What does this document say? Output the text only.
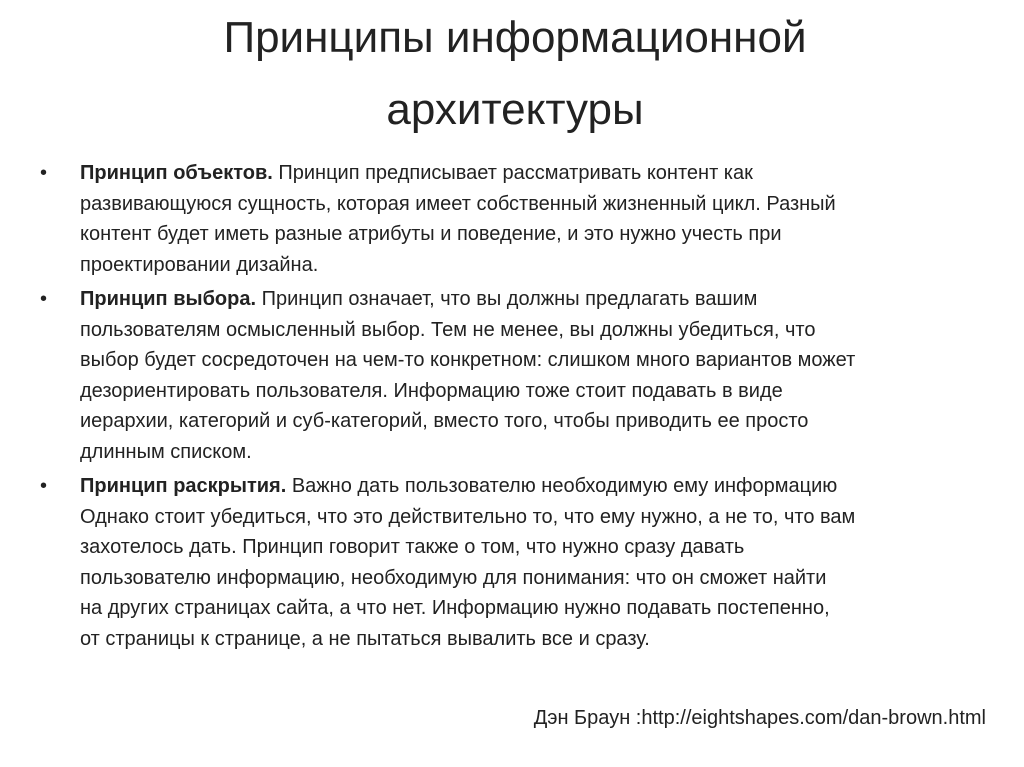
Принципы информационной архитектуры
•	Принцип объектов. Принцип предписывает рассматривать контент как
развивающуюся сущность, которая имеет собственный жизненный цикл. Разный
контент будет иметь разные атрибуты и поведение, и это нужно учесть при
проектировании дизайна.
•	Принцип выбора. Принцип означает, что вы должны предлагать вашим
пользователям осмысленный выбор. Тем не менее, вы должны убедиться, что
выбор будет сосредоточен на чем-то конкретном: слишком много вариантов может
дезориентировать пользователя. Информацию тоже стоит подавать в виде
иерархии, категорий и суб-категорий, вместо того, чтобы приводить ее просто
длинным списком.
•	Принцип раскрытия. Важно дать пользователю необходимую ему информацию
Однако стоит убедиться, что это действительно то, что ему нужно, а не то, что вам
захотелось дать. Принцип говорит также о том, что нужно сразу давать
пользователю информацию, необходимую для понимания: что он сможет найти
на других страницах сайта, а что нет. Информацию нужно подавать постепенно,
от страницы к странице, а не пытаться вывалить все и сразу.
Дэн Браун :http://eightshapes.com/dan-brown.html
